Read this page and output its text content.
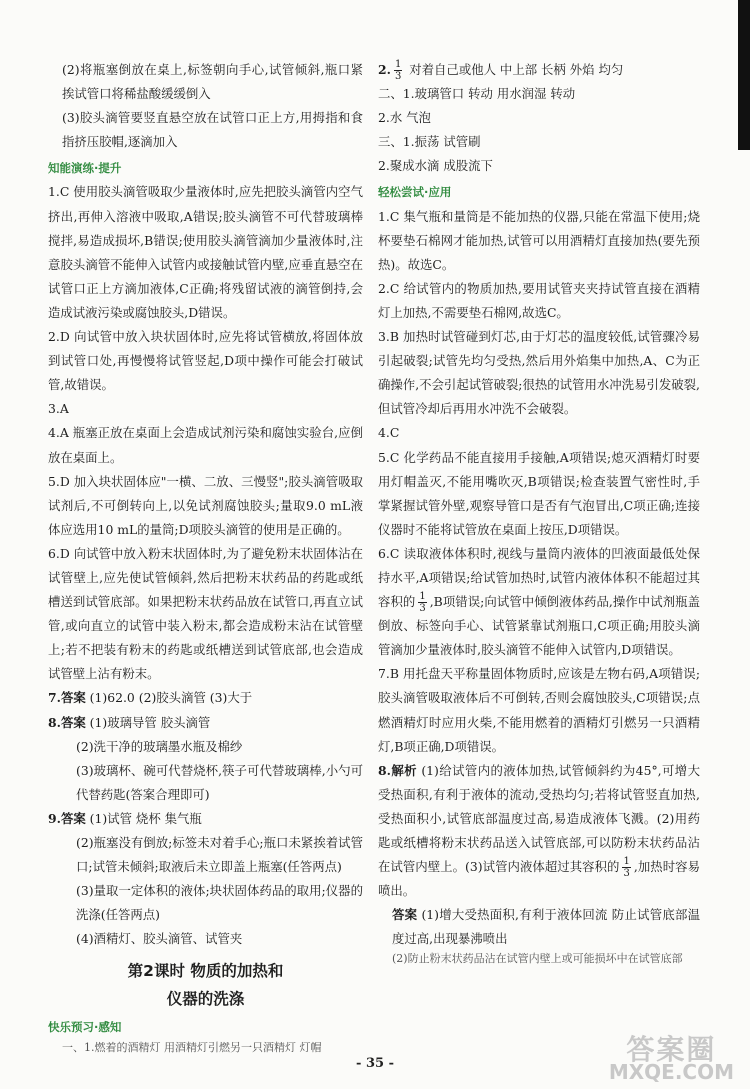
(2)将瓶塞倒放在桌上,标签朝向手心,试管倾斜,瓶口紧挨试管口将稀盐酸缓缓倒入

(3)胶头滴管要竖直悬空放在试管口正上方,用拇指和食指挤压胶帽,逐滴加入

知能演练·提升

1.C 使用胶头滴管吸取少量液体时,应先把胶头滴管内空气挤出,再伸入溶液中吸取,A错误;胶头滴管不可代替玻璃棒搅拌,易造成损坏,B错误;使用胶头滴管滴加少量液体时,注意胶头滴管不能伸入试管内或接触试管内壁,应垂直悬空在试管口正上方滴加液体,C正确;将残留试液的滴管倒持,会造成试液污染或腐蚀胶头,D错误。

2.D 向试管中放入块状固体时,应先将试管横放,将固体放到试管口处,再慢慢将试管竖起,D项中操作可能会打破试管,故错误。

3.A

4.A 瓶塞正放在桌面上会造成试剂污染和腐蚀实验台,应倒放在桌面上。

5.D 加入块状固体应"一横、二放、三慢竖";胶头滴管吸取试剂后,不可倒转向上,以免试剂腐蚀胶头;量取9.0 mL液体应选用10 mL的量筒;D项胶头滴管的使用是正确的。

6.D 向试管中放入粉末状固体时,为了避免粉末状固体沾在试管壁上,应先使试管倾斜,然后把粉末状药品的药匙或纸槽送到试管底部。如果把粉末状药品放在试管口,再直立试管,或向直立的试管中装入粉末,都会造成粉末沾在试管壁上;若不把装有粉末的药匙或纸槽送到试管底部,也会造成试管壁上沾有粉末。

7.答案 (1)62.0 (2)胶头滴管 (3)大于

8.答案 (1)玻璃导管 胶头滴管

(2)洗干净的玻璃墨水瓶及棉纱

(3)玻璃杯、碗可代替烧杯,筷子可代替玻璃棒,小勺可代替药匙(答案合理即可)

9.答案 (1)试管 烧杯 集气瓶

(2)瓶塞没有倒放;标签未对着手心;瓶口未紧挨着试管口;试管未倾斜;取液后未立即盖上瓶塞(任答两点)

(3)量取一定体积的液体;块状固体药品的取用;仪器的洗涤(任答两点)

(4)酒精灯、胶头滴管、试管夹

第2课时 物质的加热和

仪器的洗涤

快乐预习·感知

一、1.燃着的酒精灯 用酒精灯引燃另一只酒精灯 灯帽

2. $\frac{1}{3}$ 对着自己或他人 中上部 长柄 外焰 均匀

二、1.玻璃管口 转动 用水润湿 转动

2.水 气泡

三、1.振荡 试管刷

2.聚成水滴 成股流下

轻松尝试·应用

1.C 集气瓶和量筒是不能加热的仪器,只能在常温下使用;烧杯要垫石棉网才能加热,试管可以用酒精灯直接加热(要先预热)。故选C。

2.C 给试管内的物质加热,要用试管夹夹持试管直接在酒精灯上加热,不需要垫石棉网,故选C。

3.B 加热时试管碰到灯芯,由于灯芯的温度较低,试管骤冷易引起破裂;试管先均匀受热,然后用外焰集中加热,A、C为正确操作,不会引起试管破裂;很热的试管用水冲洗易引发破裂,但试管冷却后再用水冲洗不会破裂。

4.C

5.C 化学药品不能直接用手接触,A项错误;熄灭酒精灯时要用灯帽盖灭,不能用嘴吹灭,B项错误;检查装置气密性时,手掌紧握试管外壁,观察导管口是否有气泡冒出,C项正确;连接仪器时不能将试管放在桌面上按压,D项错误。

6.C 读取液体体积时,视线与量筒内液体的凹液面最低处保持水平,A项错误;给试管加热时,试管内液体体积不能超过其容积的 $\frac{1}{3} ,B$项错误;向试管中倾倒液体药品,操作中试剂瓶盖倒放、标签向手心、试管紧靠试剂瓶口,C项正确;用胶头滴管滴加少量液体时,胶头滴管不能伸入试管内,D项错误。

7.B 用托盘天平称量固体物质时,应该是左物右码,A项错误;胶头滴管吸取液体后不可倒转,否则会腐蚀胶头,C项错误;点燃酒精灯时应用火柴,不能用燃着的酒精灯引燃另一只酒精灯,B项正确,D项错误。

8.解析 (1)给试管内的液体加热,试管倾斜约为45°,可增大受热面积,有利于液体的流动,受热均匀;若将试管竖直加热,受热面积小,试管底部温度过高,易造成液体飞溅。(2)用药匙或纸槽将粉末状药品送入试管底部,可以防粉末状药品沾在试管内壁上。(3)试管内液体超过其容积的 $\frac{1}{3}$ ,加热时容易喷出。

答案 (1)增大受热面积,有利于液体回流 防止试管底部温度过高,出现暴沸喷出

(2)防止粉末状药品沾在试管内壁上或可能损坏中在试管底部

- 35 -	答案圈
MXQE.COM
